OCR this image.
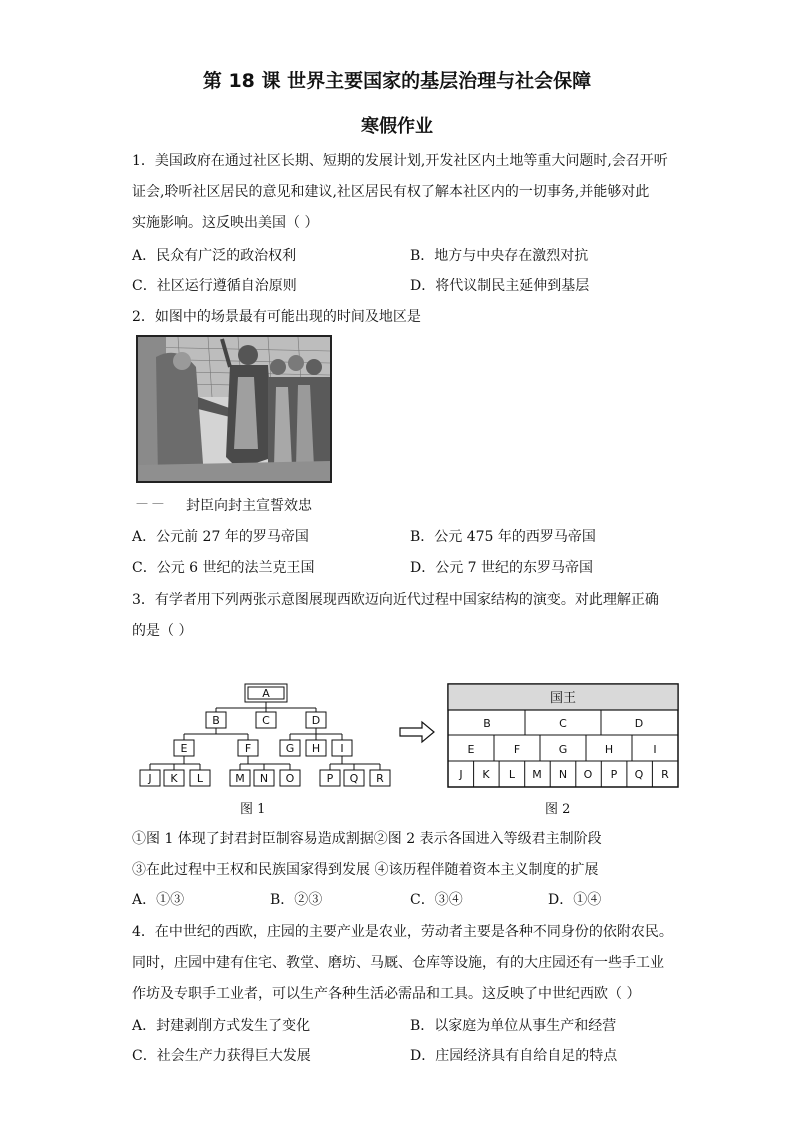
第 18 课 世界主要国家的基层治理与社会保障
寒假作业
1．美国政府在通过社区长期、短期的发展计划,开发社区内土地等重大问题时,会召开听
证会,聆听社区居民的意见和建议,社区居民有权了解本社区内的一切事务,并能够对此
实施影响。这反映出美国（ ）
A．民众有广泛的政治权利	B．地方与中央存在激烈对抗
C．社区运行遵循自治原则	D．将代议制民主延伸到基层
2．如图中的场景最有可能出现的时间及地区是
— — 封臣向封主宣誓效忠
A．公元前 27 年的罗马帝国	B．公元 475 年的西罗马帝国
C．公元 6 世纪的法兰克王国	D．公元 7 世纪的东罗马帝国
3．有学者用下列两张示意图展现西欧迈向近代过程中国家结构的演变。对此理解正确
的是（ ）
A
B	C	D
E	F	G H I
J K L	M N O	P Q R
国王
B	C	D
E	F	G	H	I
J K L M N O P Q R
图 1	图 2
①图 1 体现了封君封臣制容易造成割据②图 2 表示各国进入等级君主制阶段
③在此过程中王权和民族国家得到发展 ④该历程伴随着资本主义制度的扩展
A．①③	B．②③	C．③④	D．①④
4．在中世纪的西欧，庄园的主要产业是农业，劳动者主要是各种不同身份的依附农民。
同时，庄园中建有住宅、教堂、磨坊、马厩、仓库等设施，有的大庄园还有一些手工业
作坊及专职手工业者，可以生产各种生活必需品和工具。这反映了中世纪西欧（ ）
A．封建剥削方式发生了变化	B．以家庭为单位从事生产和经营
C．社会生产力获得巨大发展	D．庄园经济具有自给自足的特点
